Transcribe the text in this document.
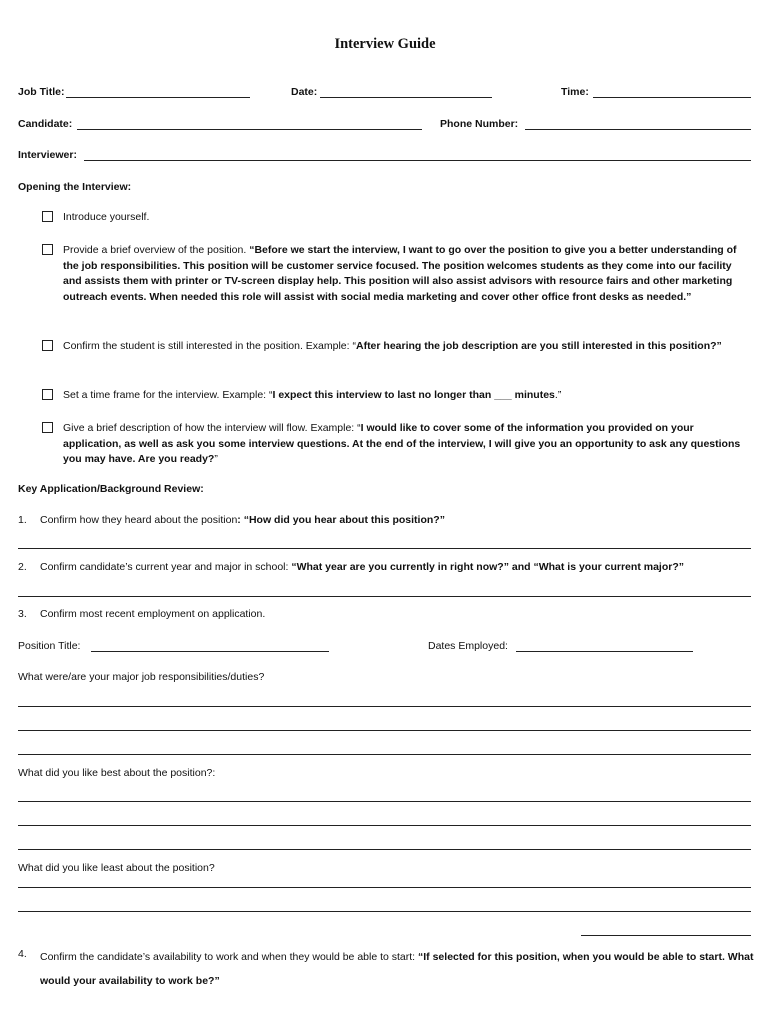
Interview Guide
Job Title:	Date:	Time:
Candidate:	Phone Number:
Interviewer:
Opening the Interview:
Introduce yourself.
Provide a brief overview of the position. “Before we start the interview, I want to go over the position to give you a better understanding of the job responsibilities. This position will be customer service focused. The position welcomes students as they come into our facility and assists them with printer or TV-screen display help. This position will also assist advisors with resource fairs and other marketing outreach events. When needed this role will assist with social media marketing and cover other office front desks as needed.”
Confirm the student is still interested in the position. Example: “After hearing the job description are you still interested in this position?”
Set a time frame for the interview. Example: “I expect this interview to last no longer than ___ minutes.”
Give a brief description of how the interview will flow. Example: “I would like to cover some of the information you provided on your application, as well as ask you some interview questions. At the end of the interview, I will give you an opportunity to ask any questions you may have. Are you ready?”
Key Application/Background Review:
1. Confirm how they heard about the position: “How did you hear about this position?”
2. Confirm candidate’s current year and major in school: “What year are you currently in right now?” and “What is your current major?”
3. Confirm most recent employment on application.
Position Title:	Dates Employed:
What were/are your major job responsibilities/duties?
What did you like best about the position?:
What did you like least about the position?
4. Confirm the candidate’s availability to work and when they would be able to start: “If selected for this position, when you would be able to start. What would your availability to work be?”
